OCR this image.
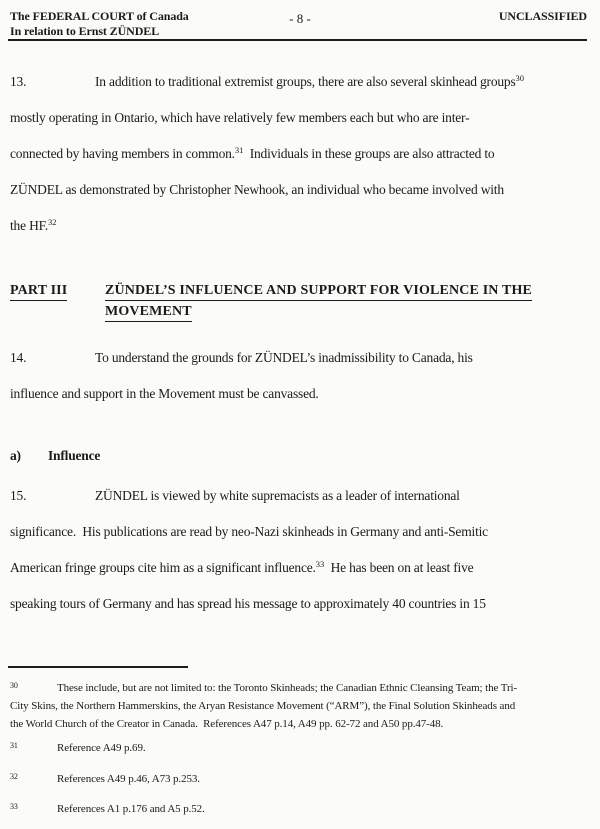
The FEDERAL COURT of Canada
In relation to Ernst ZÜNDEL
- 8 -	UNCLASSIFIED
13.	In addition to traditional extremist groups, there are also several skinhead groups$^{30}$
mostly operating in Ontario, which have relatively few members each but who are inter-
connected by having members in common.$^{31}$  Individuals in these groups are also attracted to
ZÜNDEL as demonstrated by Christopher Newhook, an individual who became involved with
the HF.$^{32}$
PART III	ZÜNDEL’S INFLUENCE AND SUPPORT FOR VIOLENCE IN THE
MOVEMENT
14.	To understand the grounds for ZÜNDEL’s inadmissibility to Canada, his
influence and support in the Movement must be canvassed.
a) Influence
15.	ZÜNDEL is viewed by white supremacists as a leader of international
significance.  His publications are read by neo-Nazi skinheads in Germany and anti-Semitic
American fringe groups cite him as a significant influence.$^{33}$  He has been on at least five
speaking tours of Germany and has spread his message to approximately 40 countries in 15
30	These include, but are not limited to: the Toronto Skinheads; the Canadian Ethnic Cleansing Team; the Tri-
City Skins, the Northern Hammerskins, the Aryan Resistance Movement (“ARM”), the Final Solution Skinheads and
the World Church of the Creator in Canada.  References A47 p.14, A49 pp. 62-72 and A50 pp.47-48.
31	Reference A49 p.69.
32	References A49 p.46, A73 p.253.
33	References A1 p.176 and A5 p.52.
